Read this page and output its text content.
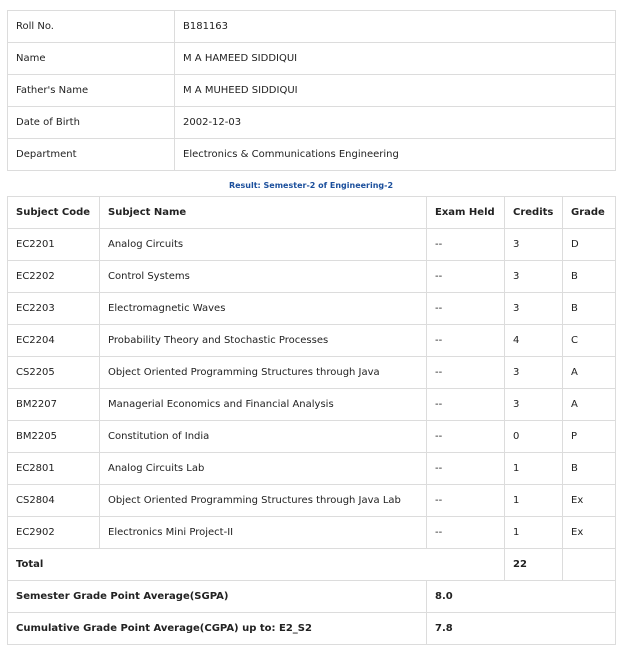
Roll No.	B181163
Name	M A HAMEED SIDDIQUI
Father's Name	M A MUHEED SIDDIQUI
Date of Birth	2002-12-03
Department	Electronics & Communications Engineering
Result: Semester-2 of Engineering-2
Subject Code	Subject Name	Exam Held	Credits	Grade
EC2201	Analog Circuits	--	3	D
EC2202	Control Systems	--	3	B
EC2203	Electromagnetic Waves	--	3	B
EC2204	Probability Theory and Stochastic Processes	--	4	C
CS2205	Object Oriented Programming Structures through Java	--	3	A
BM2207	Managerial Economics and Financial Analysis	--	3	A
BM2205	Constitution of India	--	0	P
EC2801	Analog Circuits Lab	--	1	B
CS2804	Object Oriented Programming Structures through Java Lab	--	1	Ex
EC2902	Electronics Mini Project-II	--	1	Ex
Total			22	
Semester Grade Point Average(SGPA)		8.0		
Cumulative Grade Point Average(CGPA) up to: E2_S2		7.8		
